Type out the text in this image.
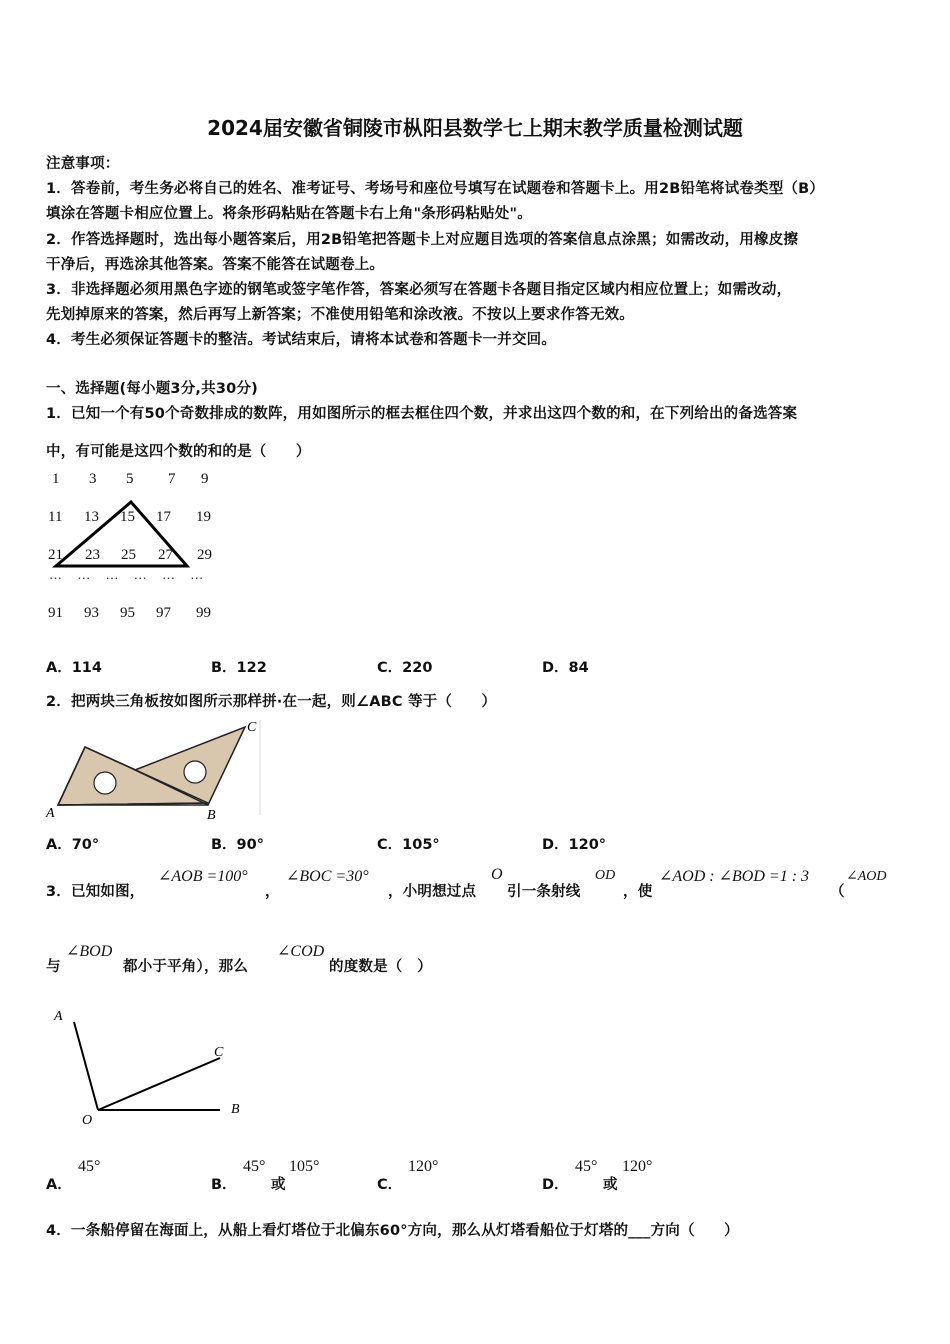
2024届安徽省铜陵市枞阳县数学七上期末教学质量检测试题
注意事项：
1．答卷前，考生务必将自己的姓名、准考证号、考场号和座位号填写在试题卷和答题卡上。用2B铅笔将试卷类型（B）
填涂在答题卡相应位置上。将条形码粘贴在答题卡右上角"条形码粘贴处"。
2．作答选择题时，选出每小题答案后，用2B铅笔把答题卡上对应题目选项的答案信息点涂黑；如需改动，用橡皮擦
干净后，再选涂其他答案。答案不能答在试题卷上。
3．非选择题必须用黑色字迹的钢笔或签字笔作答，答案必须写在答题卡各题目指定区域内相应位置上；如需改动，
先划掉原来的答案，然后再写上新答案；不准使用铅笔和涂改液。不按以上要求作答无效。
4．考生必须保证答题卡的整洁。考试结束后，请将本试卷和答题卡一并交回。
一、选择题(每小题3分,共30分)
1．已知一个有50个奇数排成的数阵，用如图所示的框去框住四个数，并求出这四个数的和，在下列给出的备选答案
中，有可能是这四个数的和的是（　　）
1 3 5 7 9
11 13 15 17 19
21 23 25 27 29
… … … … … …
91 93 95 97 99
A．114	B．122	C．220	D．84
2．把两块三角板按如图所示那样拼·在一起，则∠ABC 等于（　　）
A	B
C
A．70°	B．90°	C．105°	D．120°
3．已知如图，
∠AOB =100°
，
∠BOC =30°
，小明想过点
O
引一条射线
OD
，使
∠AOD : ∠BOD =1 : 3
（
∠AOD
与
∠BOD
都小于平角），那么
∠COD
的度数是（　）
A
C
O
B
A．
45°
B．
45°
或
105°
C．
120°
D．
45°
或
120°
4．一条船停留在海面上，从船上看灯塔位于北偏东60°方向，那么从灯塔看船位于灯塔的___方向（　　）
